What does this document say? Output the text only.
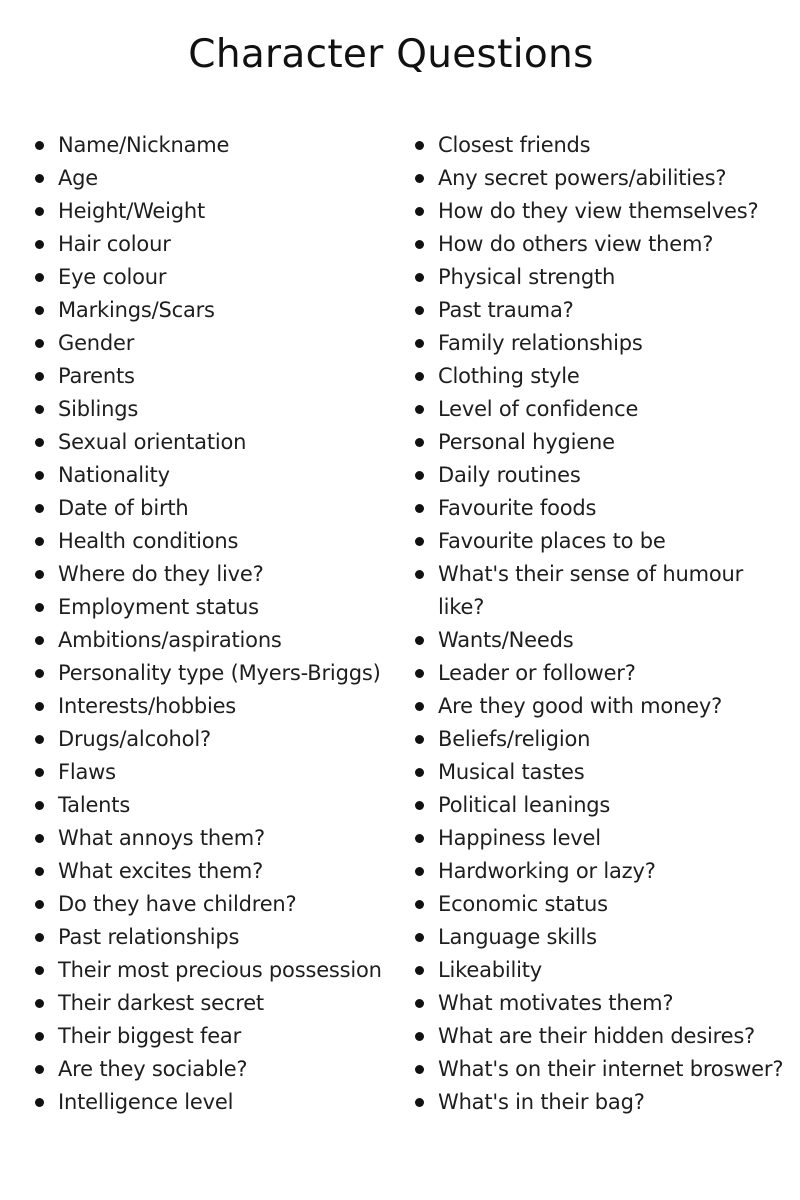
Character Questions
Name/Nickname
Age
Height/Weight
Hair colour
Eye colour
Markings/Scars
Gender
Parents
Siblings
Sexual orientation
Nationality
Date of birth
Health conditions
Where do they live?
Employment status
Ambitions/aspirations
Personality type (Myers-Briggs)
Interests/hobbies
Drugs/alcohol?
Flaws
Talents
What annoys them?
What excites them?
Do they have children?
Past relationships
Their most precious possession
Their darkest secret
Their biggest fear
Are they sociable?
Intelligence level
Closest friends
Any secret powers/abilities?
How do they view themselves?
How do others view them?
Physical strength
Past trauma?
Family relationships
Clothing style
Level of confidence
Personal hygiene
Daily routines
Favourite foods
Favourite places to be
What's their sense of humour like?
Wants/Needs
Leader or follower?
Are they good with money?
Beliefs/religion
Musical tastes
Political leanings
Happiness level
Hardworking or lazy?
Economic status
Language skills
Likeability
What motivates them?
What are their hidden desires?
What's on their internet broswer?
What's in their bag?
